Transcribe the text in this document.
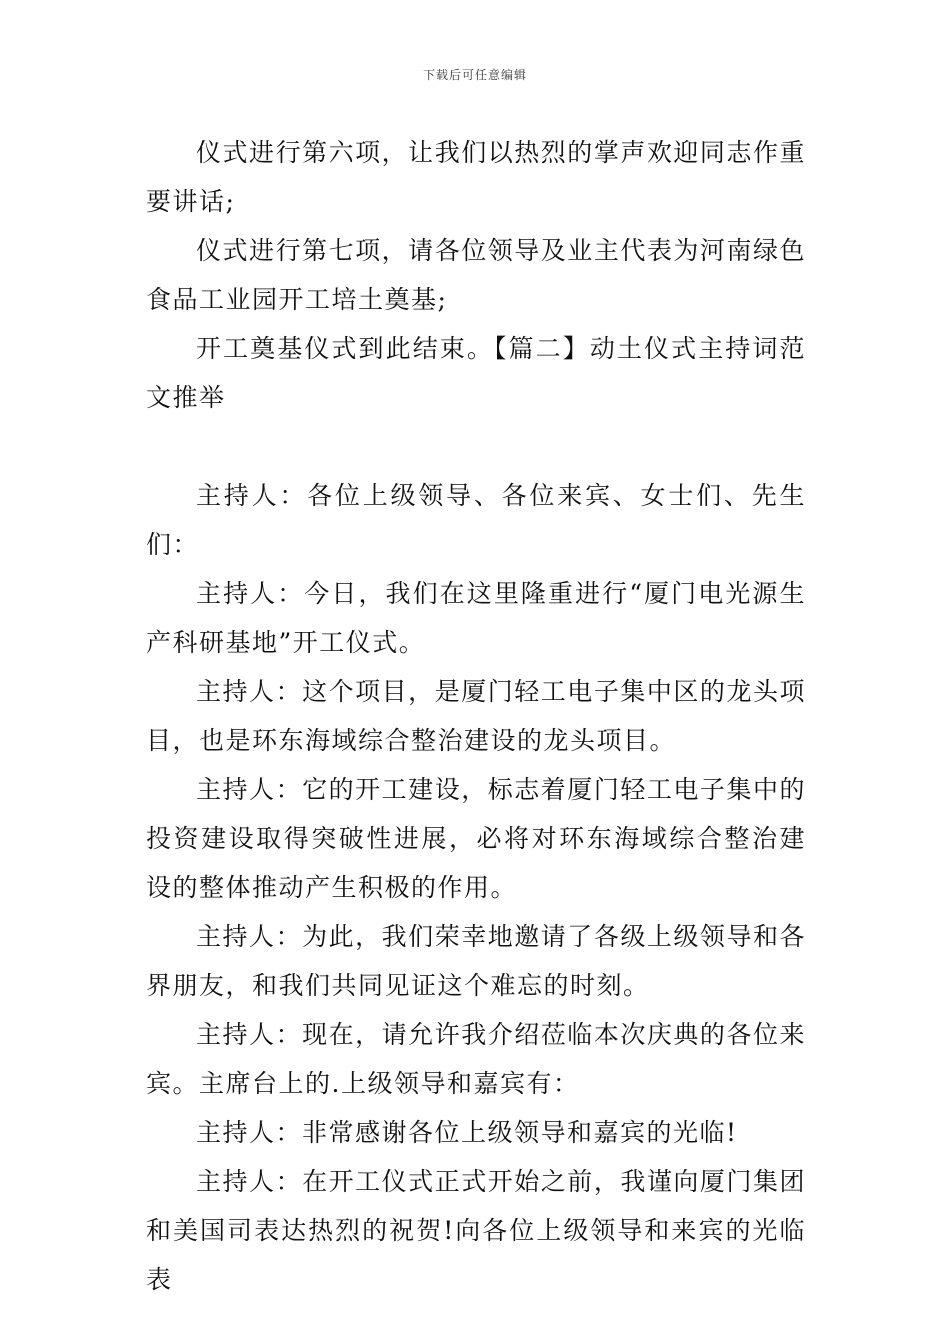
下载后可任意编辑

仪式进行第六项，让我们以热烈的掌声欢迎同志作重要讲话;

仪式进行第七项，请各位领导及业主代表为河南绿色食品工业园开工培土奠基;

开工奠基仪式到此结束。【篇二】动土仪式主持词范文推举

主持人：各位上级领导、各位来宾、女士们、先生们：

主持人：今日，我们在这里隆重进行“厦门电光源生产科研基地”开工仪式。

主持人：这个项目，是厦门轻工电子集中区的龙头项目，也是环东海域综合整治建设的龙头项目。

主持人：它的开工建设，标志着厦门轻工电子集中的投资建设取得突破性进展，必将对环东海域综合整治建设的整体推动产生积极的作用。

主持人：为此，我们荣幸地邀请了各级上级领导和各界朋友，和我们共同见证这个难忘的时刻。

主持人：现在，请允许我介绍莅临本次庆典的各位来宾。主席台上的.上级领导和嘉宾有：

主持人：非常感谢各位上级领导和嘉宾的光临!

主持人：在开工仪式正式开始之前，我谨向厦门集团和美国司表达热烈的祝贺!向各位上级领导和来宾的光临表
